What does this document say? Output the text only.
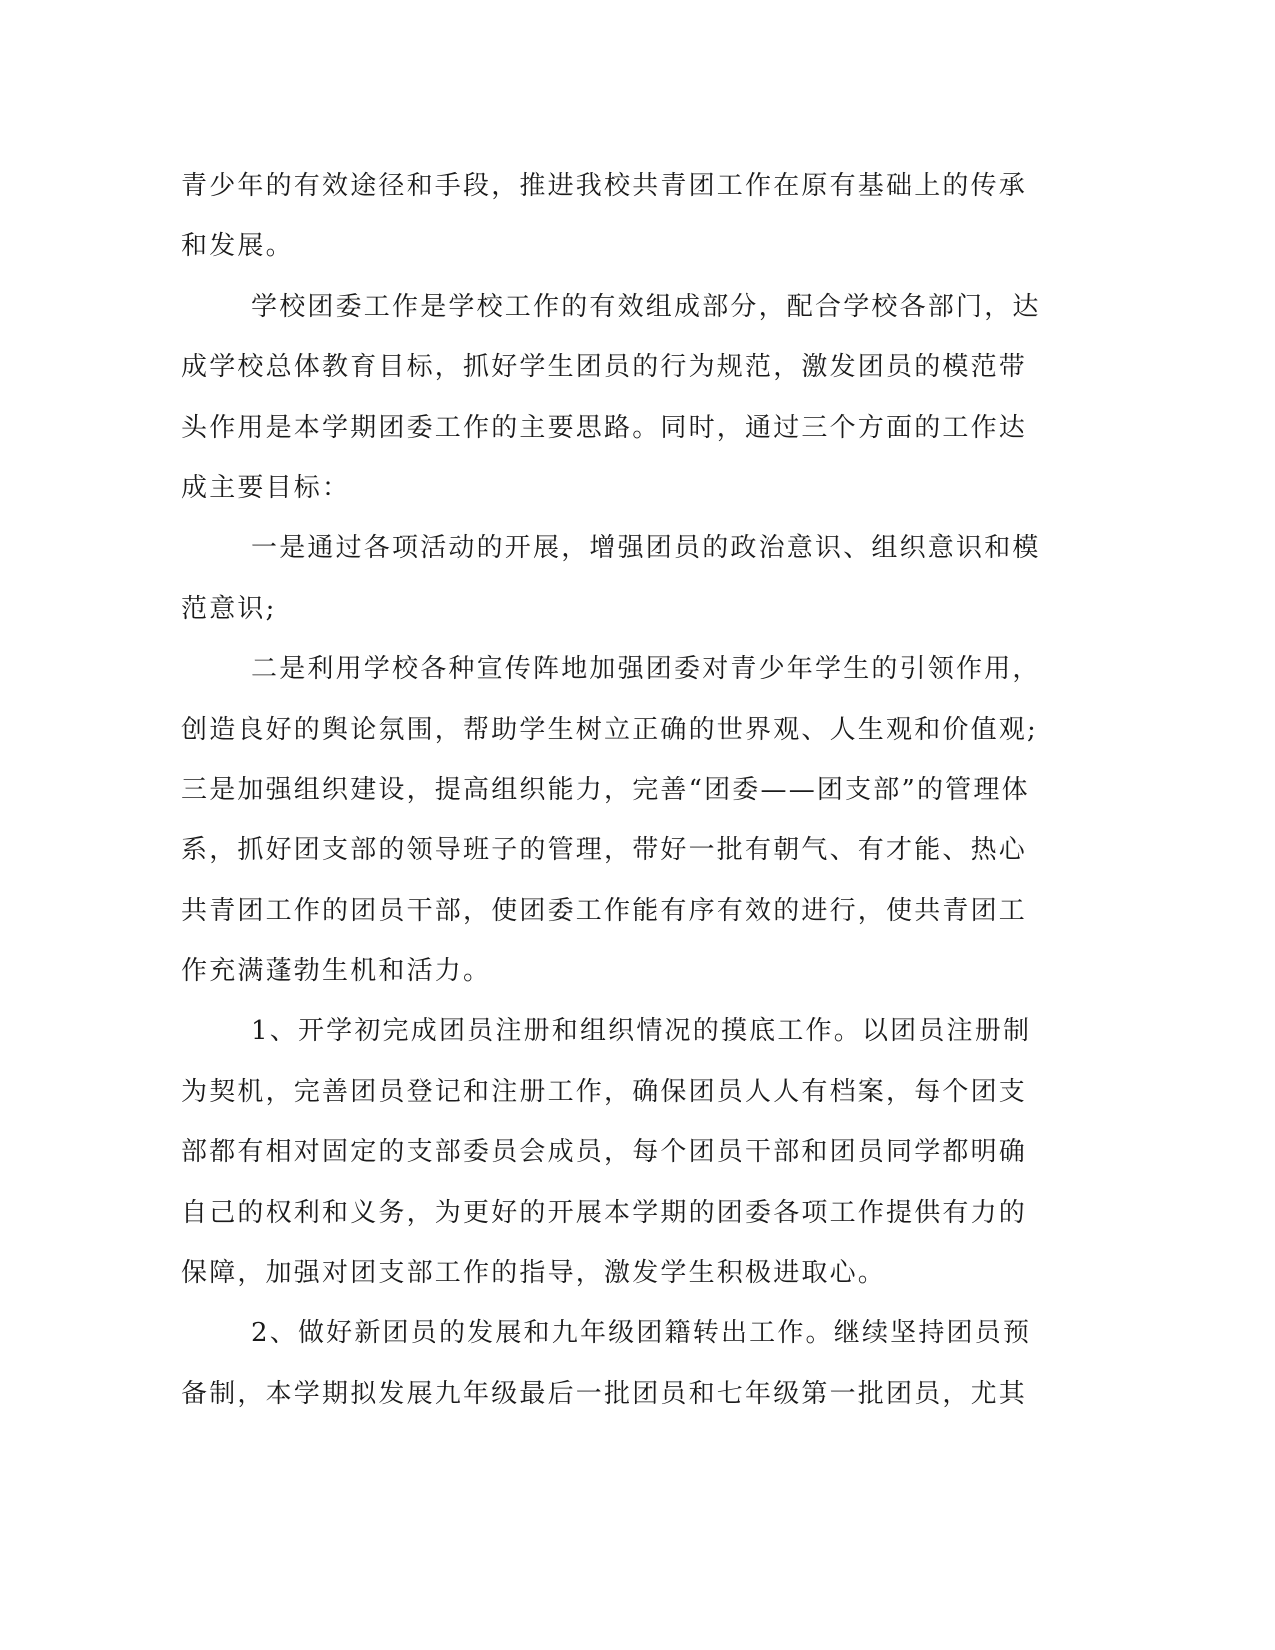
青少年的有效途径和手段，推进我校共青团工作在原有基础上的传承
和发展。
学校团委工作是学校工作的有效组成部分，配合学校各部门，达
成学校总体教育目标，抓好学生团员的行为规范，激发团员的模范带
头作用是本学期团委工作的主要思路。同时，通过三个方面的工作达
成主要目标：
一是通过各项活动的开展，增强团员的政治意识、组织意识和模
范意识;
二是利用学校各种宣传阵地加强团委对青少年学生的引领作用，
创造良好的舆论氛围，帮助学生树立正确的世界观、人生观和价值观;
三是加强组织建设，提高组织能力，完善“团委——团支部”的管理体
系，抓好团支部的领导班子的管理，带好一批有朝气、有才能、热心
共青团工作的团员干部，使团委工作能有序有效的进行，使共青团工
作充满蓬勃生机和活力。
1、开学初完成团员注册和组织情况的摸底工作。以团员注册制
为契机，完善团员登记和注册工作，确保团员人人有档案，每个团支
部都有相对固定的支部委员会成员，每个团员干部和团员同学都明确
自己的权利和义务，为更好的开展本学期的团委各项工作提供有力的
保障，加强对团支部工作的指导，激发学生积极进取心。
2、做好新团员的发展和九年级团籍转出工作。继续坚持团员预
备制，本学期拟发展九年级最后一批团员和七年级第一批团员，尤其
